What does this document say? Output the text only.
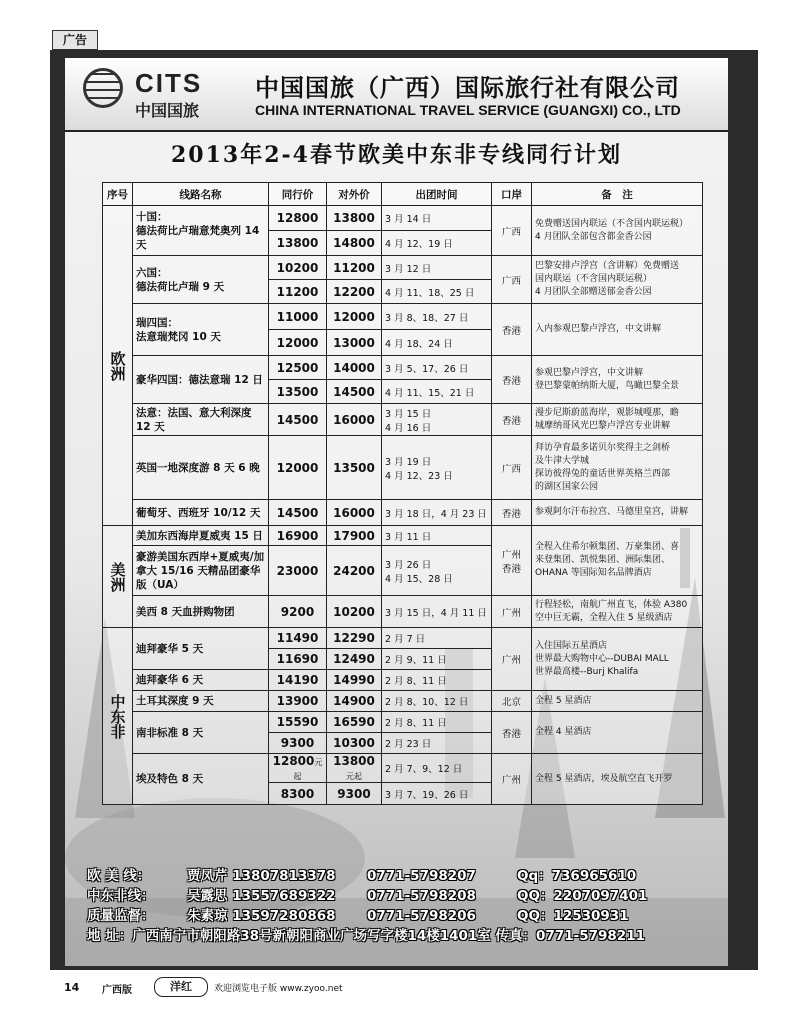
广告
CITS
中国国旅
中国国旅（广西）国际旅行社有限公司
CHINA INTERNATIONAL TRAVEL SERVICE (GUANGXI) CO., LTD
2013年2-4春节欧美中东非专线同行计划
序号	线路名称	同行价	对外价	出团时间	口岸	备　注
欧洲	十国：
德法荷比卢瑞意梵奥列 14 天	12800	13800	3 月 14 日	广西	免费赠送国内联运（不含国内联运税）
4 月团队全部包含都金香公园
		13800	14800	4 月 12、19 日		
	六国：
德法荷比卢瑞 9 天	10200	11200	3 月 12 日	广西	巴黎安排卢浮宫（含讲解）免费赠送
国内联运（不含国内联运税）
4 月团队全部赠送郁金香公园
		11200	12200	4 月 11、18、25 日		
	瑞四国：
法意瑞梵冈 10 天	11000	12000	3 月 8、18、27 日	香港	入内参观巴黎卢浮宫，中文讲解
		12000	13000	4 月 18、24 日		
	豪华四国：德法意瑞 12 日	12500	14000	3 月 5、17、26 日	香港	参观巴黎卢浮宫，中文讲解
登巴黎蒙帕纳斯大厦，鸟瞰巴黎全景
		13500	14500	4 月 11、15、21 日		
	法意：法国、意大利深度 12 天	14500	16000	3 月 15 日
4 月 16 日	香港	漫步尼斯蔚蓝海岸，观影城嘎那，瞻
城摩纳哥风光巴黎卢浮宫专业讲解
	英国一地深度游 8 天 6 晚	12000	13500	3 月 19 日
4 月 12、23 日	广西	拜访孕育最多诺贝尔奖得主之剑桥
及牛津大学城
探访彼得兔的童话世界英格兰西部
的湖区国家公园
	葡萄牙、西班牙 10/12 天	14500	16000	3 月 18 日，4 月 23 日	香港	参观阿尔汗布拉宫、马德里皇宫，讲解
美洲	美加东西海岸夏威夷 15 日	16900	17900	3 月 11 日	广州
香港	全程入住希尔顿集团、万豪集团、喜
来登集团、凯悦集团、洲际集团、
OHANA 等国际知名品牌酒店
	豪游美国东西岸+夏威夷/加拿大 15/16 天精品团豪华版（UA）	23000	24200	3 月 26 日
4 月 15、28 日		
	美西 8 天血拼购物团	9200	10200	3 月 15 日，4 月 11 日	广州	行程轻松，南航广州直飞，体验 A380
空中巨无霸，全程入住 5 星级酒店
中东非	迪拜豪华 5 天	11490	12290	2 月 7 日	广州	入住国际五星酒店
世界最大购物中心--DUBAI MALL
世界最高楼--Burj Khalifa
		11690	12490	2 月 9、11 日		
	迪拜豪华 6 天	14190	14990	2 月 8、11 日		
	土耳其深度 9 天	13900	14900	2 月 8、10、12 日	北京	全程 5 星酒店
	南非标准 8 天	15590	16590	2 月 8、11 日	香港	全程 4 星酒店
		9300	10300	2 月 23 日		
	埃及特色 8 天	12800元起	13800元起	2 月 7、9、12 日	广州	全程 5 星酒店，埃及航空直飞开罗
		8300	9300	3 月 7、19、26 日		
欧 美 线：	贾凤芹 13807813378 0771-5798207	Qq：736965610
中东非线： 吴露思 13557689322 0771-5798208	QQ：2207097401
质量监督： 朱素琼 13597280868 0771-5798206	QQ：12530931
地 址：广西南宁市朝阳路38号新朝阳商业广场写字楼14楼1401室 传真：0771-5798211
14 广西版	洋红	欢迎浏览电子版 www.zyoo.net
